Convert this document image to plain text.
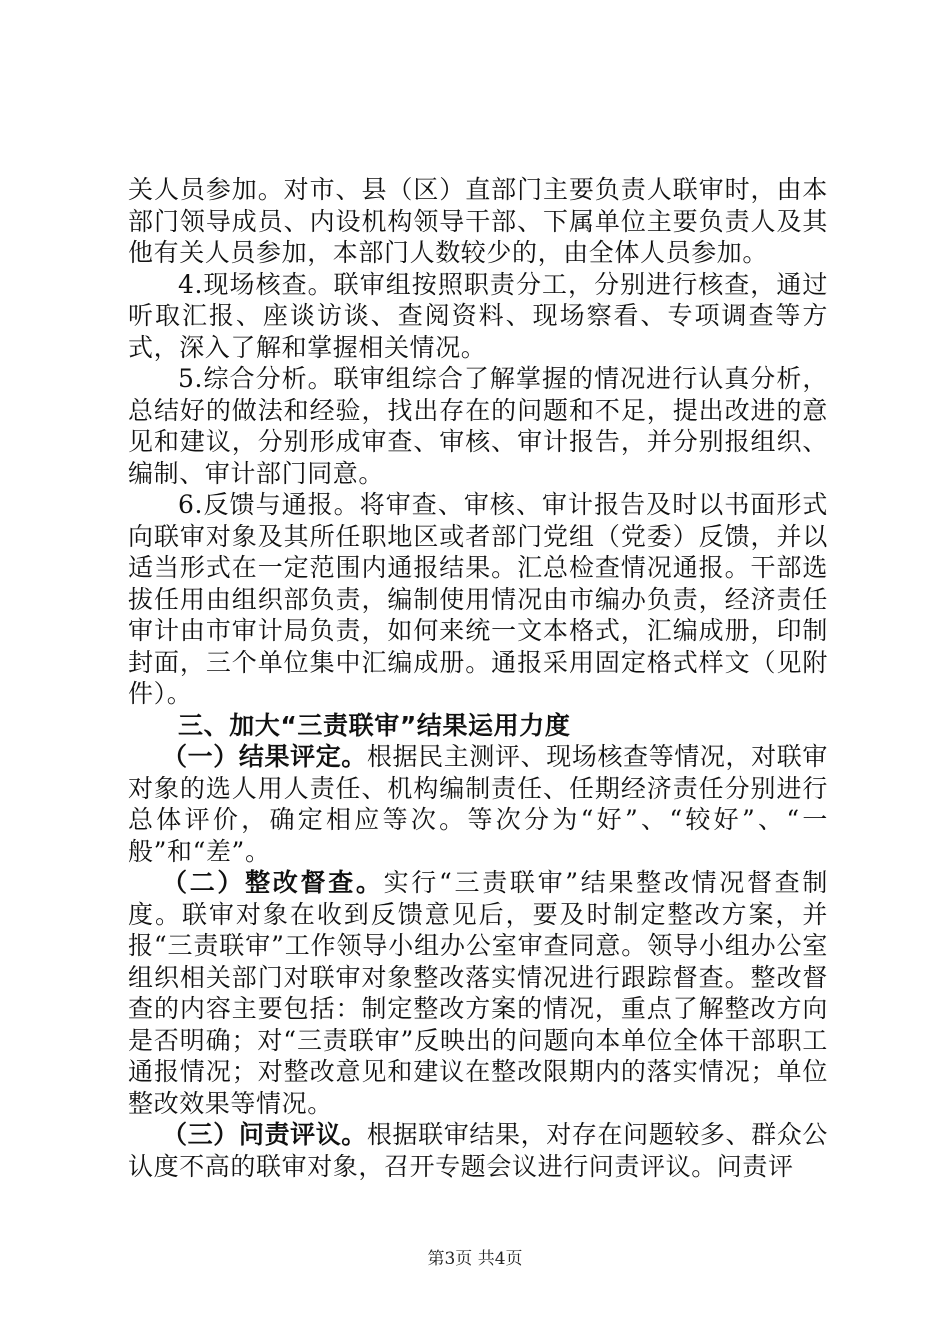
关人员参加。对市、县（区）直部门主要负责人联审时，由本部门领导成员、内设机构领导干部、下属单位主要负责人及其他有关人员参加，本部门人数较少的，由全体人员参加。

4.现场核查。联审组按照职责分工，分别进行核查，通过听取汇报、座谈访谈、查阅资料、现场察看、专项调查等方式，深入了解和掌握相关情况。

5.综合分析。联审组综合了解掌握的情况进行认真分析，总结好的做法和经验，找出存在的问题和不足，提出改进的意见和建议，分别形成审查、审核、审计报告，并分别报组织、编制、审计部门同意。

6.反馈与通报。将审查、审核、审计报告及时以书面形式向联审对象及其所任职地区或者部门党组（党委）反馈，并以适当形式在一定范围内通报结果。汇总检查情况通报。干部选拔任用由组织部负责，编制使用情况由市编办负责，经济责任审计由市审计局负责，如何来统一文本格式，汇编成册，印制封面，三个单位集中汇编成册。通报采用固定格式样文（见附件）。

三、加大“三责联审”结果运用力度

（一）结果评定。根据民主测评、现场核查等情况，对联审对象的选人用人责任、机构编制责任、任期经济责任分别进行总体评价，确定相应等次。等次分为“好”、“较好”、“一般”和“差”。

（二）整改督查。实行“三责联审”结果整改情况督查制度。联审对象在收到反馈意见后，要及时制定整改方案，并报“三责联审”工作领导小组办公室审查同意。领导小组办公室组织相关部门对联审对象整改落实情况进行跟踪督查。整改督查的内容主要包括：制定整改方案的情况，重点了解整改方向是否明确；对“三责联审”反映出的问题向本单位全体干部职工通报情况；对整改意见和建议在整改限期内的落实情况；单位整改效果等情况。

（三）问责评议。根据联审结果，对存在问题较多、群众公认度不高的联审对象，召开专题会议进行问责评议。问责评

第3页 共4页
